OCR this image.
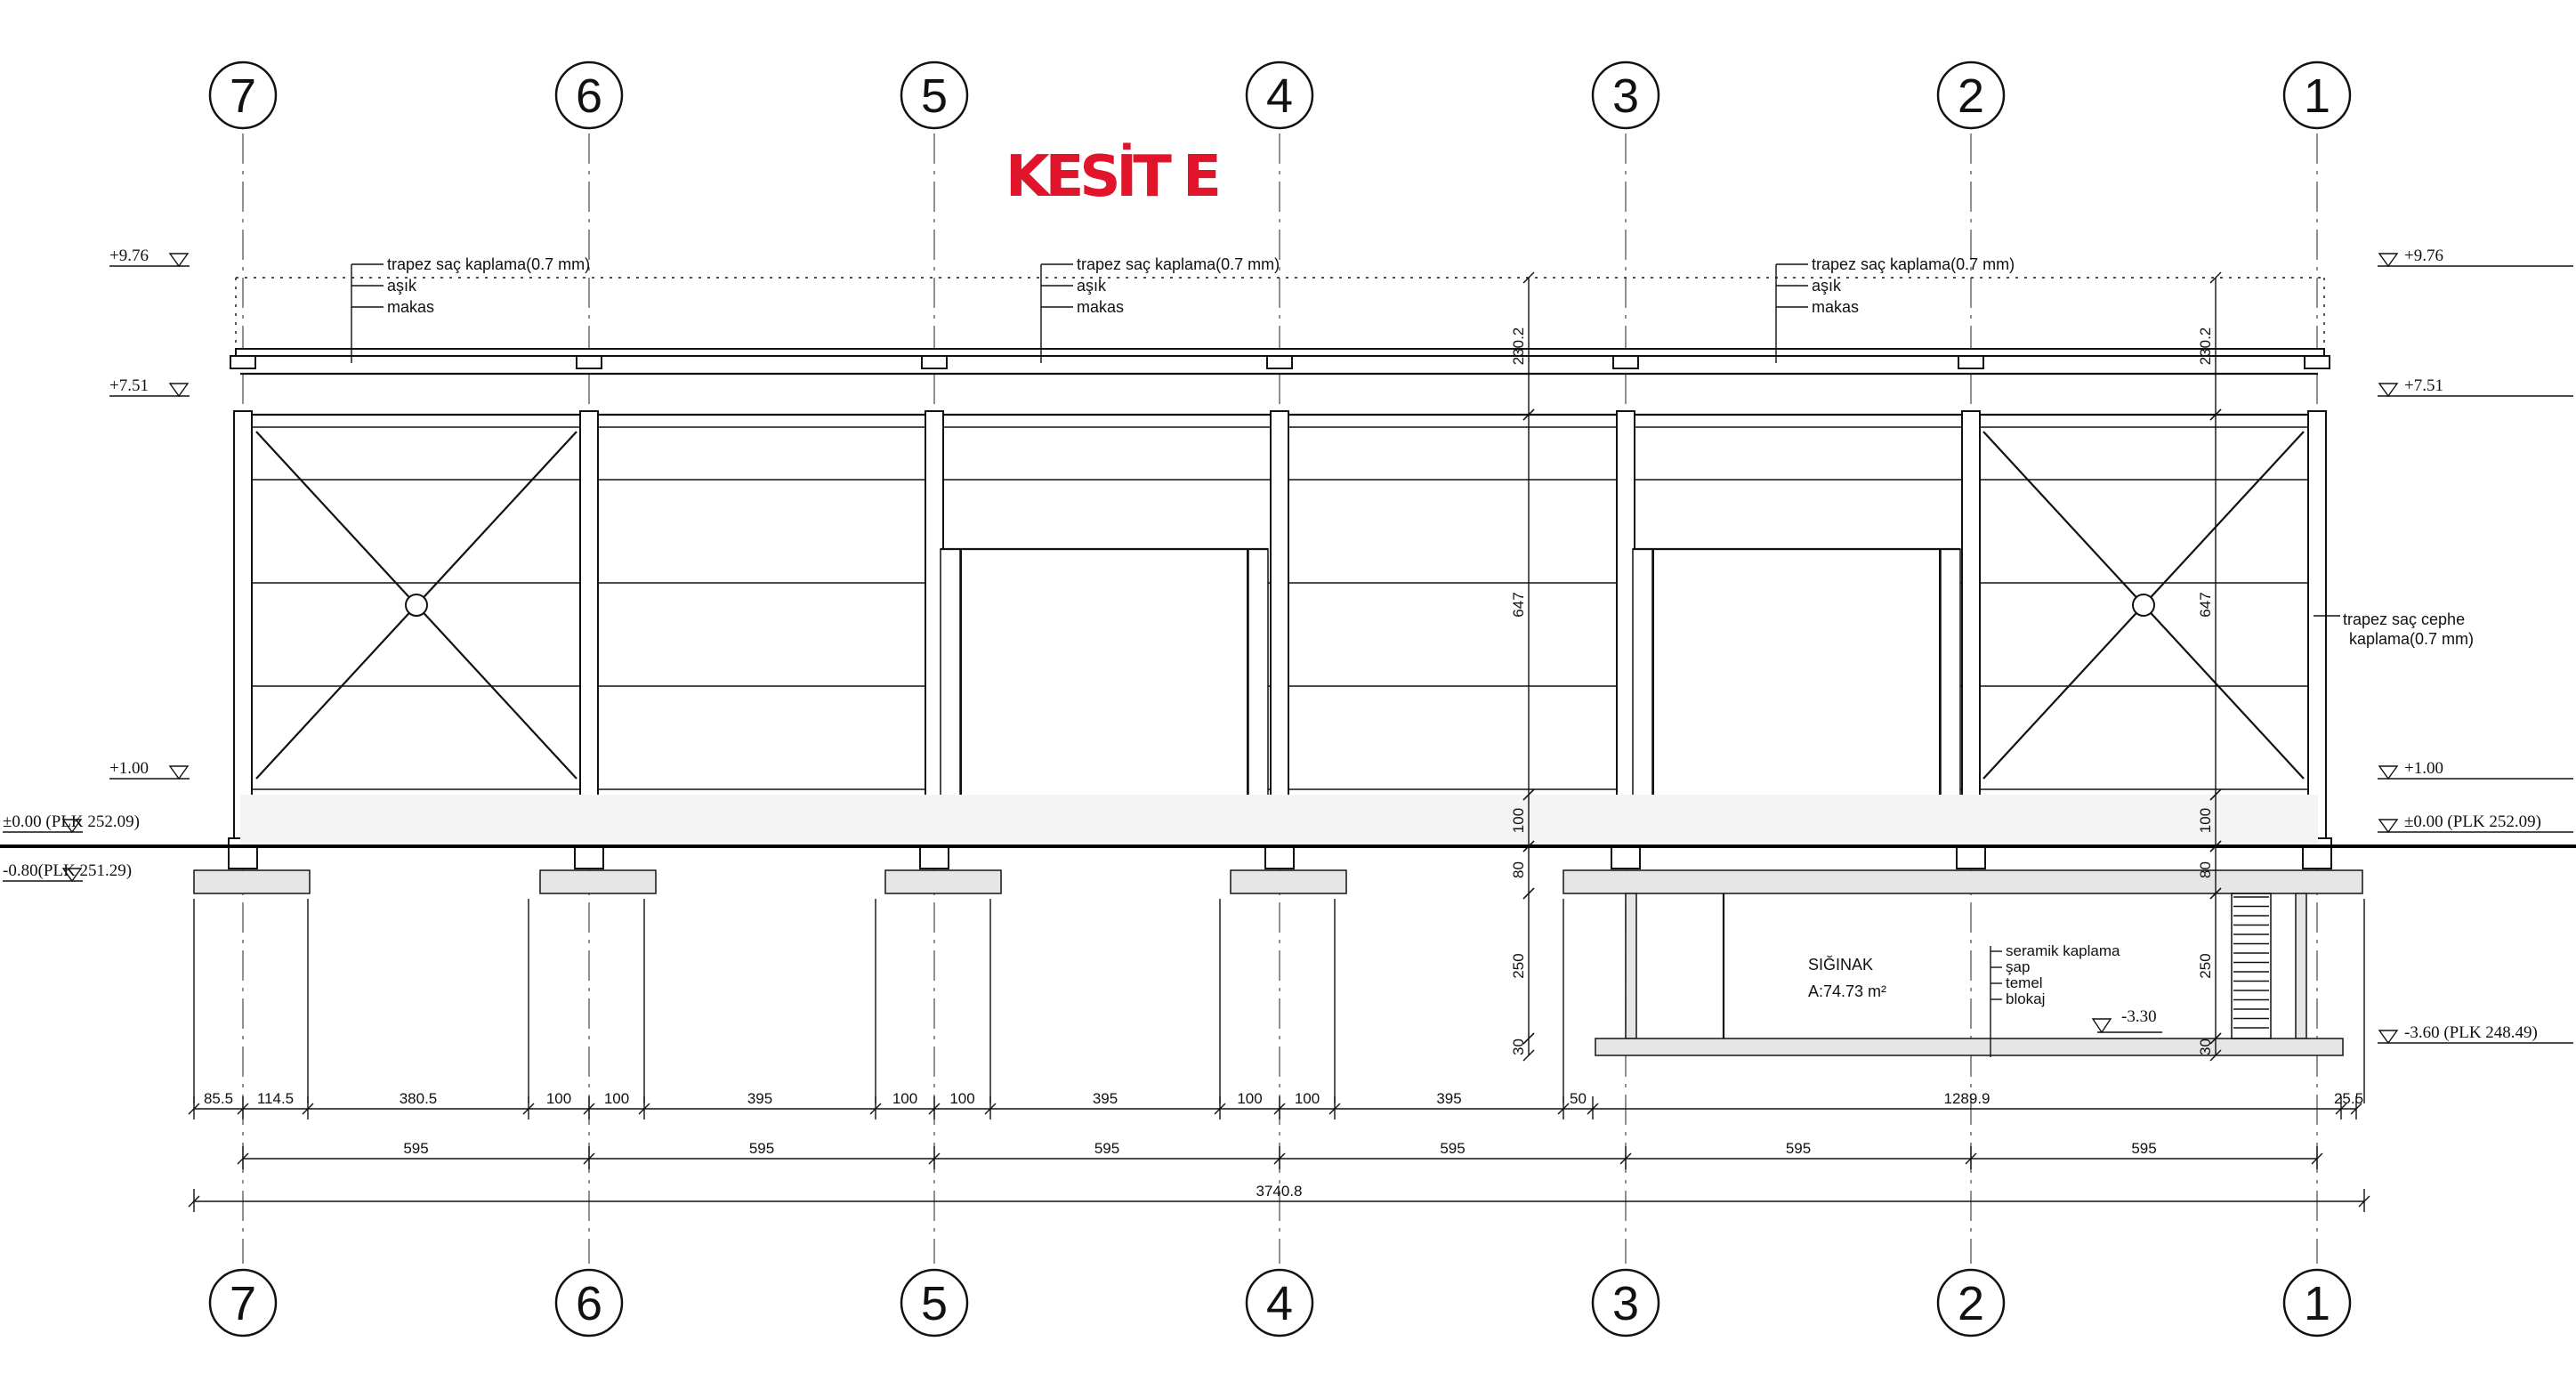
KESİT E
7	6	5	4	3	2	1
7	6	5	4	3	2	1
SIĞINAK
A:74.73 m²
seramik kaplama
şap
temel
blokaj
-3.30
trapez saç kaplama(0.7 mm)
aşık
makas
trapez saç kaplama(0.7 mm)
aşık
makas
trapez saç kaplama(0.7 mm)
aşık
makas
trapez saç cephe
kaplama(0.7 mm)
+9.76
+7.51
+1.00
±0.00 (PLK 252.09)
-0.80(PLK 251.29)
+9.76
+7.51
+1.00
±0.00 (PLK 252.09)
-3.60 (PLK 248.49)
230.2
647
100
80
250
30
230.2
647
100
80
250
30
85.5 114.5	380.5	100 100	395	100 100	395	100 100	395	50	1289.9	25.5
595	595	595	595	595	595
3740.8
